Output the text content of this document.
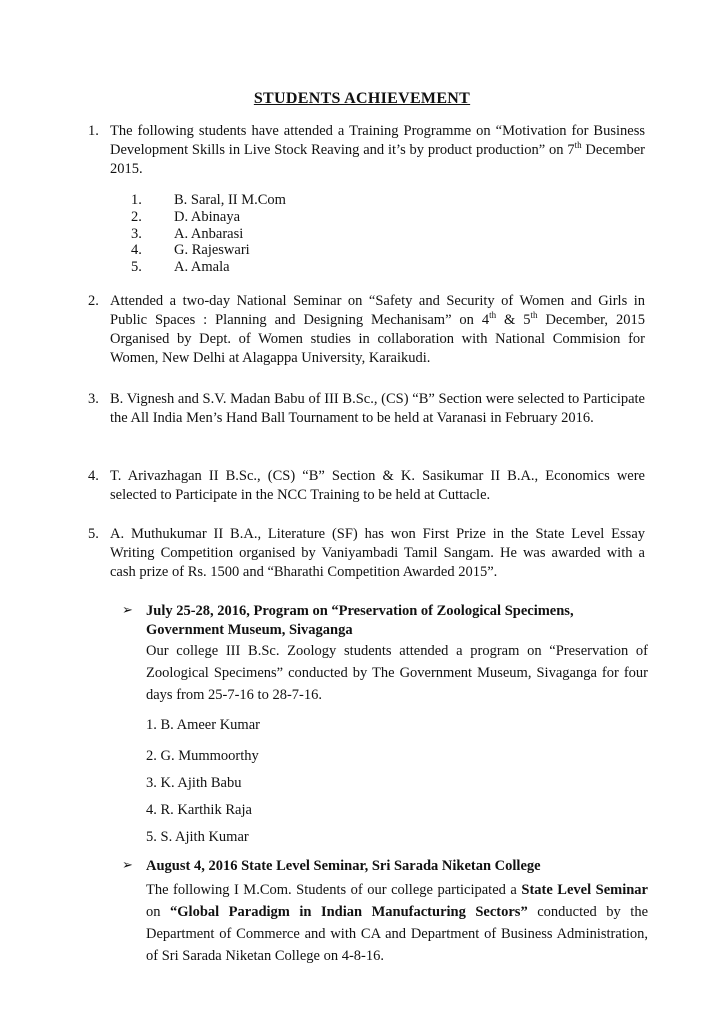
STUDENTS ACHIEVEMENT
1. The following students have attended a Training Programme on “Motivation for Business Development Skills in Live Stock Reaving and it’s by product production” on 7th December 2015.
1. B. Saral, II M.Com
2. D. Abinaya
3. A. Anbarasi
4. G. Rajeswari
5. A. Amala
2. Attended a two-day National Seminar on “Safety and Security of Women and Girls in Public Spaces : Planning and Designing Mechanisam” on 4th & 5th December, 2015 Organised by Dept. of Women studies in collaboration with National Commision for Women, New Delhi at Alagappa University, Karaikudi.
3. B. Vignesh and S.V. Madan Babu of III B.Sc., (CS) “B” Section were selected to Participate the All India Men’s Hand Ball Tournament to be held at Varanasi in February 2016.
4. T. Arivazhagan II B.Sc., (CS) “B” Section & K. Sasikumar II B.A., Economics were selected to Participate in the NCC Training to be held at Cuttacle.
5. A. Muthukumar II B.A., Literature (SF) has won First Prize in the State Level Essay Writing Competition organised by Vaniyambadi Tamil Sangam. He was awarded with a cash prize of Rs. 1500 and “Bharathi Competition Awarded 2015”.
➢ July 25-28, 2016, Program on “Preservation of Zoological Specimens, Government Museum, Sivaganga
Our college III B.Sc. Zoology students attended a program on “Preservation of Zoological Specimens” conducted by The Government Museum, Sivaganga for four days from 25-7-16 to 28-7-16.
1. B. Ameer Kumar
2. G. Mummoorthy
3. K. Ajith Babu
4. R. Karthik Raja
5. S. Ajith Kumar
➢ August 4, 2016 State Level Seminar, Sri Sarada Niketan College
The following I M.Com. Students of our college participated a State Level Seminar on “Global Paradigm in Indian Manufacturing Sectors” conducted by the Department of Commerce and with CA and Department of Business Administration, of Sri Sarada Niketan College on 4-8-16.
